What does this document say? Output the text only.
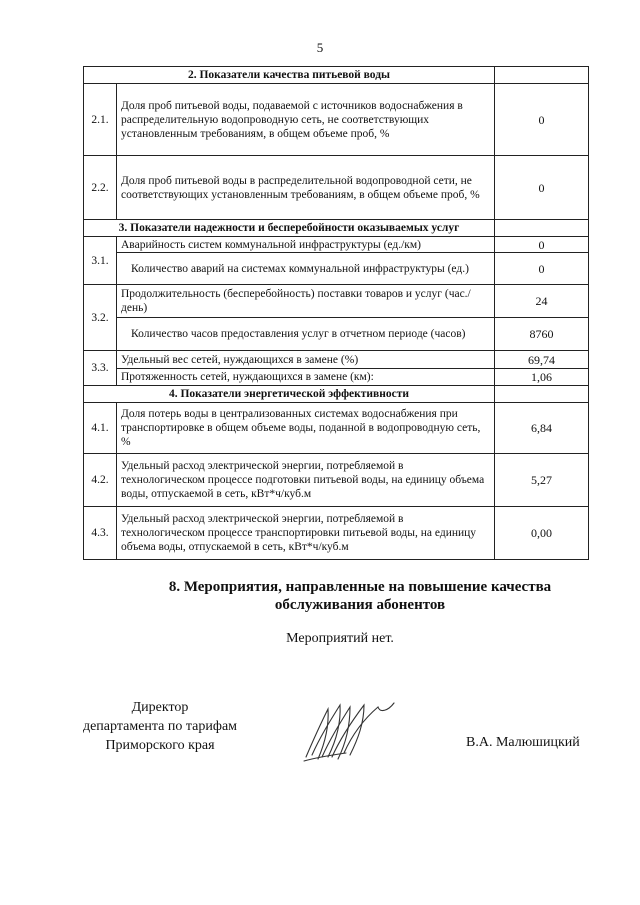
5
2. Показатели качества питьевой воды		
2.1.	Доля проб питьевой воды, подаваемой с источников водоснабжения в распределительную водопроводную сеть, не соответствующих установленным требованиям, в общем объеме проб, %	0
2.2.	Доля проб питьевой воды в распределительной водопроводной сети, не соответствующих установленным требованиям, в общем объеме проб, %	0
3. Показатели надежности и бесперебойности оказываемых услуг		
3.1.	Аварийность систем коммунальной инфраструктуры (ед./км)	0
	Количество аварий на системах коммунальной инфраструктуры (ед.)	0
3.2.	Продолжительность (бесперебойность) поставки товаров и услуг (час./день)	24
	Количество часов предоставления услуг в отчетном периоде (часов)	8760
3.3.	Удельный вес сетей, нуждающихся в замене (%)	69,74
	Протяженность сетей, нуждающихся в замене (км):	1,06
4. Показатели энергетической эффективности		
4.1.	Доля потерь воды в централизованных системах водоснабжения при транспортировке в общем объеме воды, поданной в водопроводную сеть, %	6,84
4.2.	Удельный расход электрической энергии, потребляемой в технологическом процессе подготовки питьевой воды, на единицу объема воды, отпускаемой в сеть, кВт*ч/куб.м	5,27
4.3.	Удельный расход электрической энергии, потребляемой в технологическом процессе транспортировки питьевой воды, на единицу объема воды, отпускаемой в сеть, кВт*ч/куб.м	0,00
8. Мероприятия, направленные на повышение качества
обслуживания абонентов
Мероприятий нет.
Директор
департамента по тарифам
Приморского края	В.А. Малюшицкий
